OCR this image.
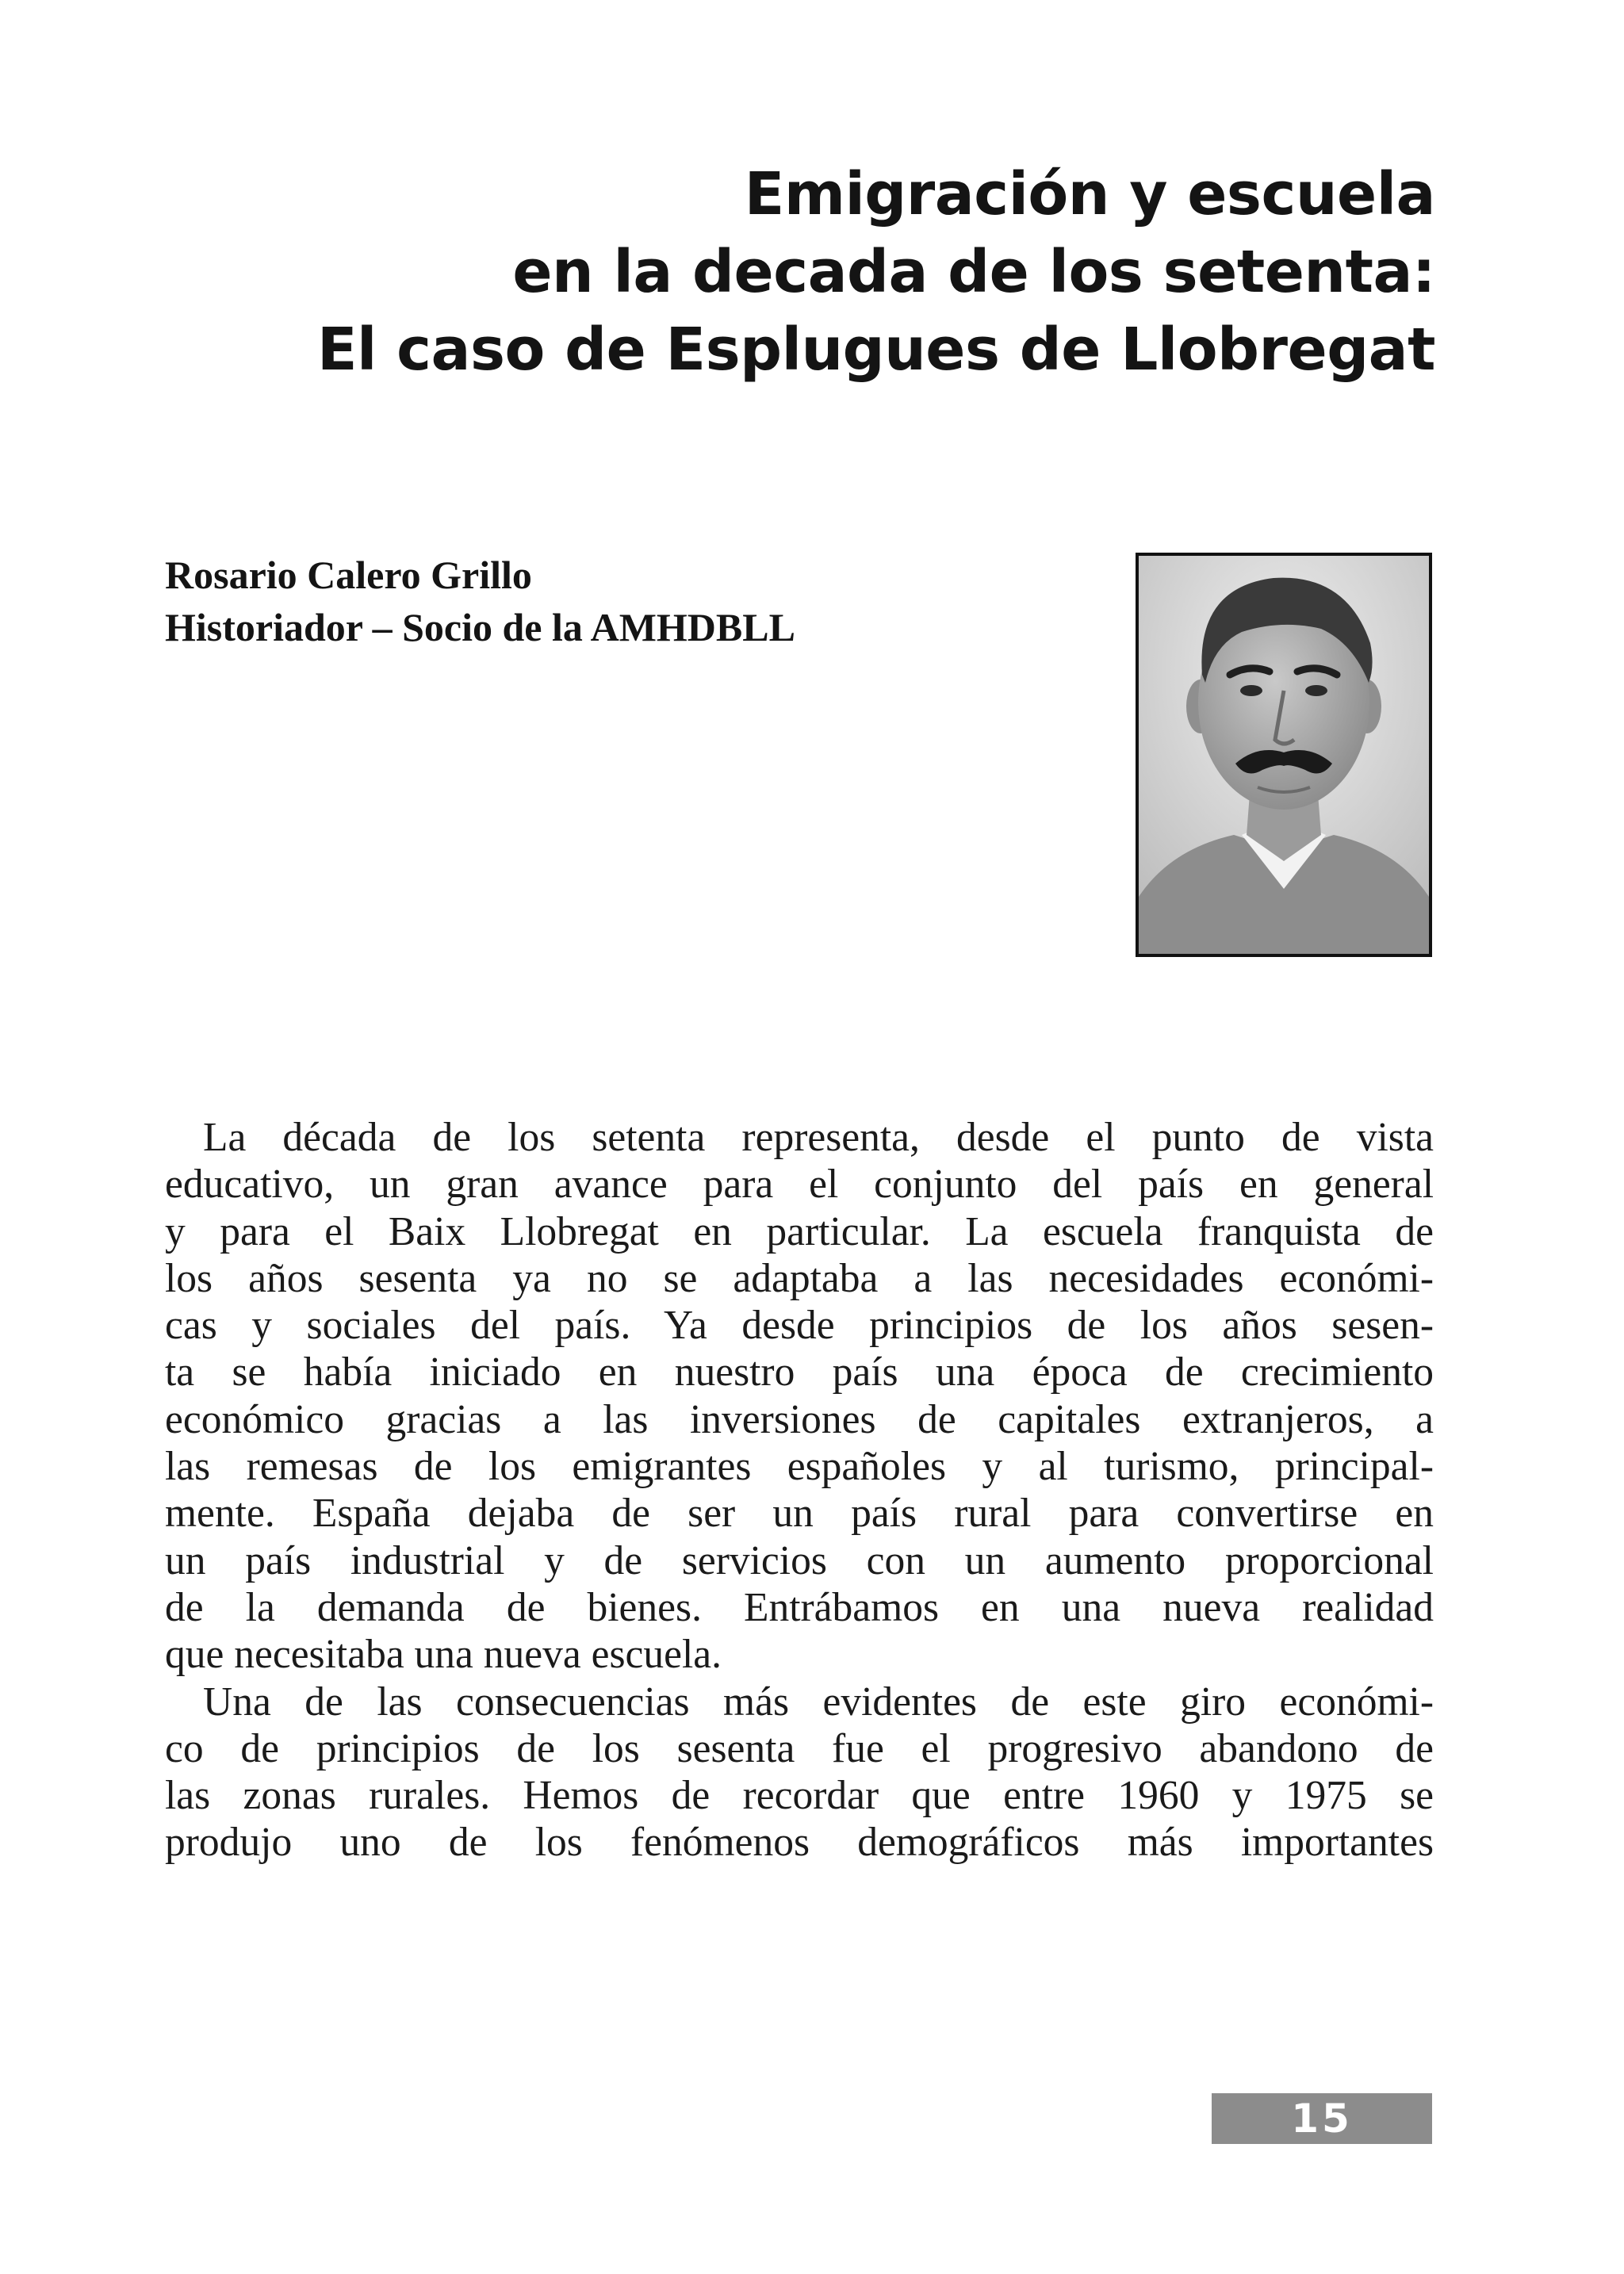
Emigración y escuela
en la decada de los setenta:
El caso de Esplugues de Llobregat
Rosario Calero Grillo
Historiador – Socio de la AMHDBLL
La década de los setenta representa, desde el punto de vista
educativo, un gran avance para el conjunto del país en general
y para el Baix Llobregat en particular. La escuela franquista de
los años sesenta ya no se adaptaba a las necesidades económi-
cas y sociales del país. Ya desde principios de los años sesen-
ta se había iniciado en nuestro país una época de crecimiento
económico gracias a las inversiones de capitales extranjeros, a
las remesas de los emigrantes españoles y al turismo, principal-
mente. España dejaba de ser un país rural para convertirse en
un país industrial y de servicios con un aumento proporcional
de la demanda de bienes. Entrábamos en una nueva realidad
que necesitaba una nueva escuela.
Una de las consecuencias más evidentes de este giro económi-
co de principios de los sesenta fue el progresivo abandono de
las zonas rurales. Hemos de recordar que entre 1960 y 1975 se
produjo uno de los fenómenos demográficos más importantes
15
